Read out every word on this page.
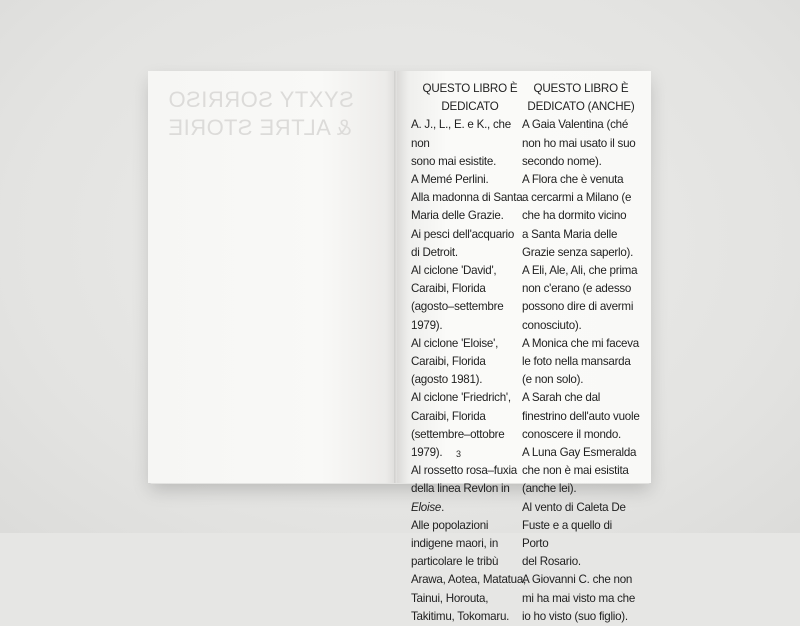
SYXTY SORRISO
& ALTRE STORIE
QUESTO LIBRO È
DEDICATO

A. J., L., E. e K., che non
sono mai esistite.

A Memé Perlini.

Alla madonna di Santa
Maria delle Grazie.

Ai pesci dell'acquario
di Detroit.

Al ciclone 'David',
Caraibi, Florida
(agosto–settembre
1979).

Al ciclone 'Eloise',
Caraibi, Florida
(agosto 1981).

Al ciclone 'Friedrich',
Caraibi, Florida
(settembre–ottobre
1979).

Al rossetto rosa–fuxia
della linea Revlon in
Eloise.

Alle popolazioni
indigene maori, in
particolare le tribù
Arawa, Aotea, Matatua,
Tainui, Horouta,
Takitimu, Tokomaru.

QUESTO LIBRO È
DEDICATO (ANCHE)

A Gaia Valentina (ché
non ho mai usato il suo
secondo nome).

A Flora che è venuta
a cercarmi a Milano (e
che ha dormito vicino
a Santa Maria delle
Grazie senza saperlo).

A Eli, Ale, Ali, che prima
non c'erano (e adesso
possono dire di avermi
conosciuto).

A Monica che mi faceva
le foto nella mansarda
(e non solo).

A Sarah che dal
finestrino dell'auto vuole
conoscere il mondo.

A Luna Gay Esmeralda
che non è mai esistita
(anche lei).

Al vento di Caleta De
Fuste e a quello di Porto
del Rosario.

A Giovanni C. che non
mi ha mai visto ma che
io ho visto (suo figlio).

3
